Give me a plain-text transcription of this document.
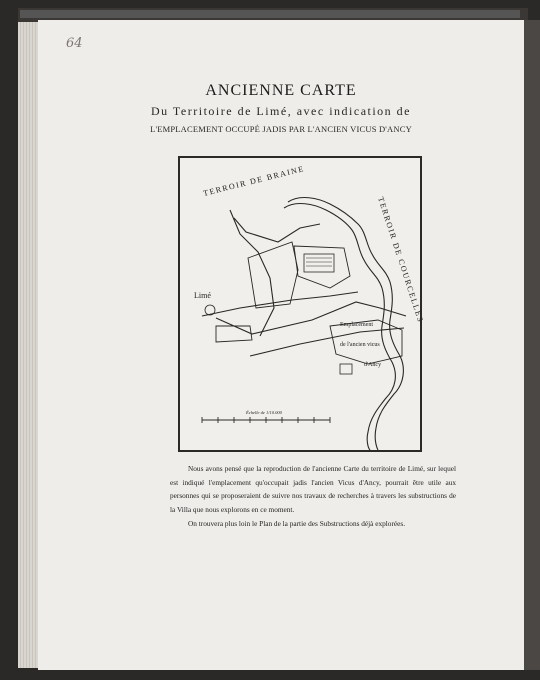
64
ANCIENNE CARTE
Du Territoire de Limé, avec indication de
L'EMPLACEMENT OCCUPÉ JADIS PAR L'ANCIEN VICUS D'ANCY
TERROIR DE BRAINE
TERROIR DE COURCELLES
Limé
Emplacement
de l'ancien vicus
d'Ancy
Échelle de 1/10.000

Nous avons pensé que la reproduction de l'ancienne Carte du territoire de Limé, sur lequel est indiqué l'emplacement qu'occupait jadis l'ancien Vicus d'Ancy, pourrait être utile aux personnes qui se proposeraient de suivre nos travaux de recherches à travers les substructions de la Villa que nous explorons en ce moment.

On trouvera plus loin le Plan de la partie des Substructions déjà explorées.
